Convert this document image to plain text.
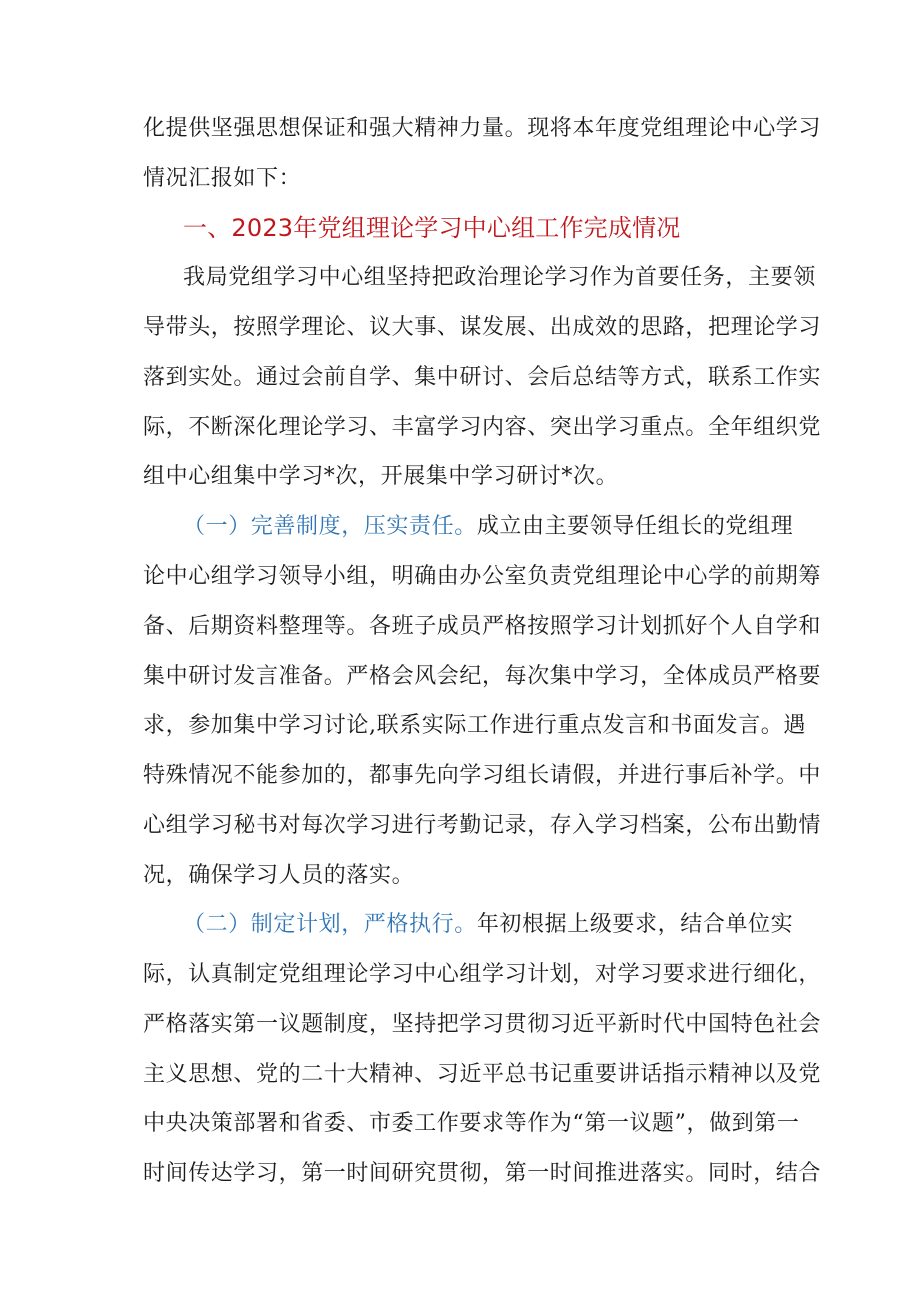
化提供坚强思想保证和强大精神力量。现将本年度党组理论中心学习
情况汇报如下：
一、2023年党组理论学习中心组工作完成情况
我局党组学习中心组坚持把政治理论学习作为首要任务，主要领
导带头，按照学理论、议大事、谋发展、出成效的思路，把理论学习
落到实处。通过会前自学、集中研讨、会后总结等方式，联系工作实
际，不断深化理论学习、丰富学习内容、突出学习重点。全年组织党
组中心组集中学习*次，开展集中学习研讨*次。
（一）完善制度，压实责任。成立由主要领导任组长的党组理
论中心组学习领导小组，明确由办公室负责党组理论中心学的前期筹
备、后期资料整理等。各班子成员严格按照学习计划抓好个人自学和
集中研讨发言准备。严格会风会纪，每次集中学习，全体成员严格要
求，参加集中学习讨论,联系实际工作进行重点发言和书面发言。遇
特殊情况不能参加的，都事先向学习组长请假，并进行事后补学。中
心组学习秘书对每次学习进行考勤记录，存入学习档案，公布出勤情
况，确保学习人员的落实。
（二）制定计划，严格执行。年初根据上级要求，结合单位实
际，认真制定党组理论学习中心组学习计划，对学习要求进行细化，
严格落实第一议题制度，坚持把学习贯彻习近平新时代中国特色社会
主义思想、党的二十大精神、习近平总书记重要讲话指示精神以及党
中央决策部署和省委、市委工作要求等作为“第一议题”，做到第一
时间传达学习，第一时间研究贯彻，第一时间推进落实。同时，结合
